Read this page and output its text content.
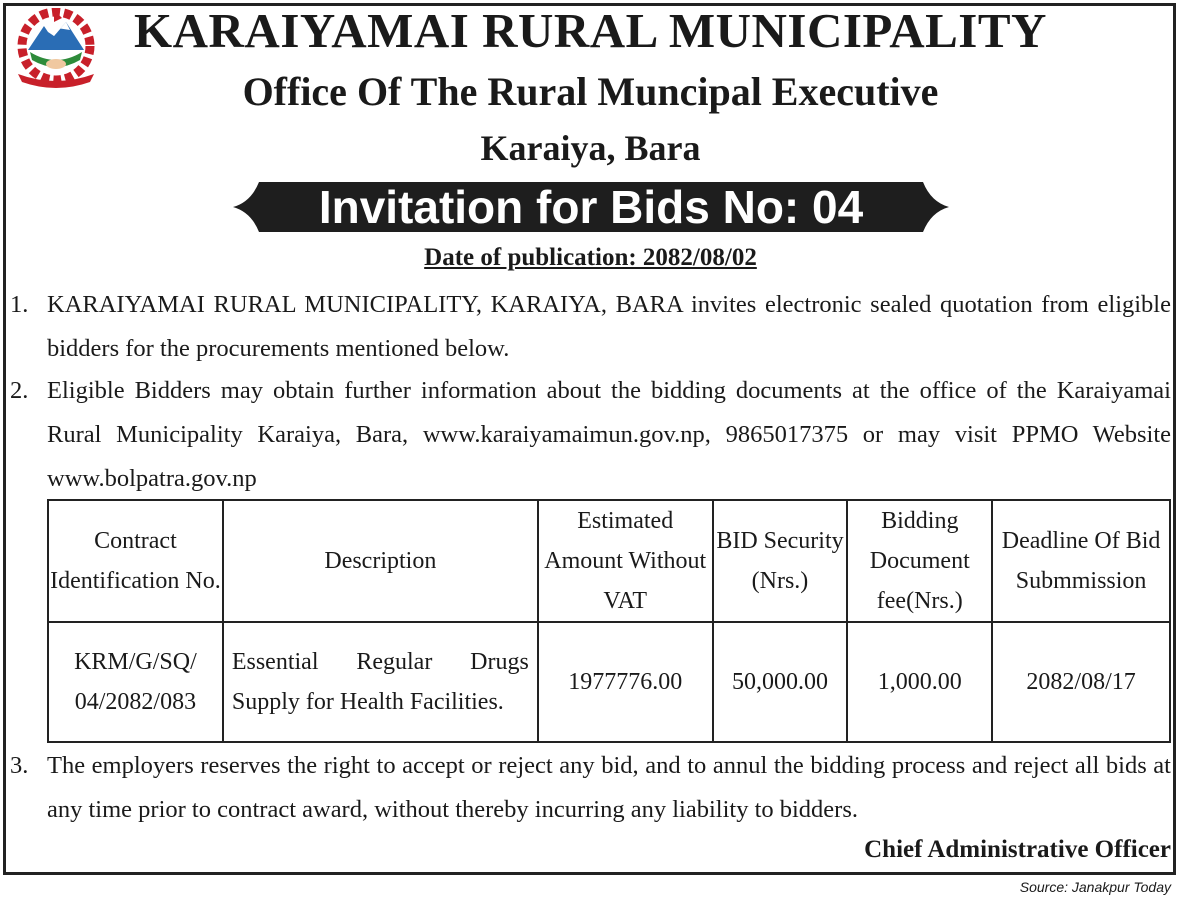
KARAIYAMAI RURAL MUNICIPALITY
Office Of The Rural Muncipal Executive
Karaiya, Bara
Invitation for Bids No: 04
Date of publication: 2082/08/02
1. KARAIYAMAI RURAL MUNICIPALITY, KARAIYA, BARA invites electronic sealed quotation from eligible bidders for the procurements mentioned below.
2. Eligible Bidders may obtain further information about the bidding documents at the office of the Karaiyamai Rural Municipality Karaiya, Bara, www.karaiyamaimun.gov.np, 9865017375 or may visit PPMO Website www.bolpatra.gov.np
Contract Identification No.	Description	Estimated Amount Without VAT	BID Security (Nrs.)	Bidding Document fee(Nrs.)	Deadline Of Bid Submmission
KRM/G/SQ/ 04/2082/083	Essential Regular Drugs Supply for Health Facilities.	1977776.00	50,000.00	1,000.00	2082/08/17
3. The employers reserves the right to accept or reject any bid, and to annul the bidding process and reject all bids at any time prior to contract award, without thereby incurring any liability to bidders.
Chief Administrative Officer
Source: Janakpur Today
